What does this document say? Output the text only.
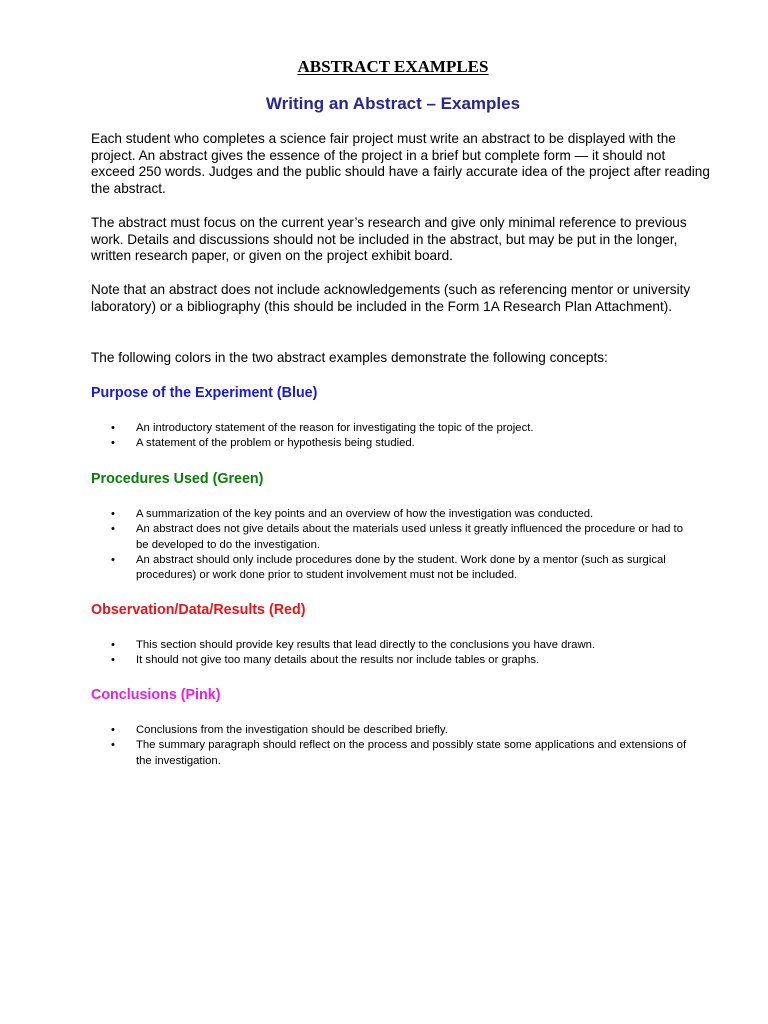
ABSTRACT EXAMPLES
Writing an Abstract – Examples

Each student who completes a science fair project must write an abstract to be displayed with the project. An abstract gives the essence of the project in a brief but complete form — it should not exceed 250 words. Judges and the public should have a fairly accurate idea of the project after reading the abstract.

The abstract must focus on the current year’s research and give only minimal reference to previous work. Details and discussions should not be included in the abstract, but may be put in the longer, written research paper, or given on the project exhibit board.

Note that an abstract does not include acknowledgements (such as referencing mentor or university laboratory) or a bibliography (this should be included in the Form 1A Research Plan Attachment).

The following colors in the two abstract examples demonstrate the following concepts:

Purpose of the Experiment (Blue)
• An introductory statement of the reason for investigating the topic of the project.
• A statement of the problem or hypothesis being studied.
Procedures Used (Green)
• A summarization of the key points and an overview of how the investigation was conducted.
• An abstract does not give details about the materials used unless it greatly influenced the procedure or had to be developed to do the investigation.
• An abstract should only include procedures done by the student. Work done by a mentor (such as surgical procedures) or work done prior to student involvement must not be included.
Observation/Data/Results (Red)
• This section should provide key results that lead directly to the conclusions you have drawn.
• It should not give too many details about the results nor include tables or graphs.
Conclusions (Pink)
• Conclusions from the investigation should be described briefly.
• The summary paragraph should reflect on the process and possibly state some applications and extensions of the investigation.
